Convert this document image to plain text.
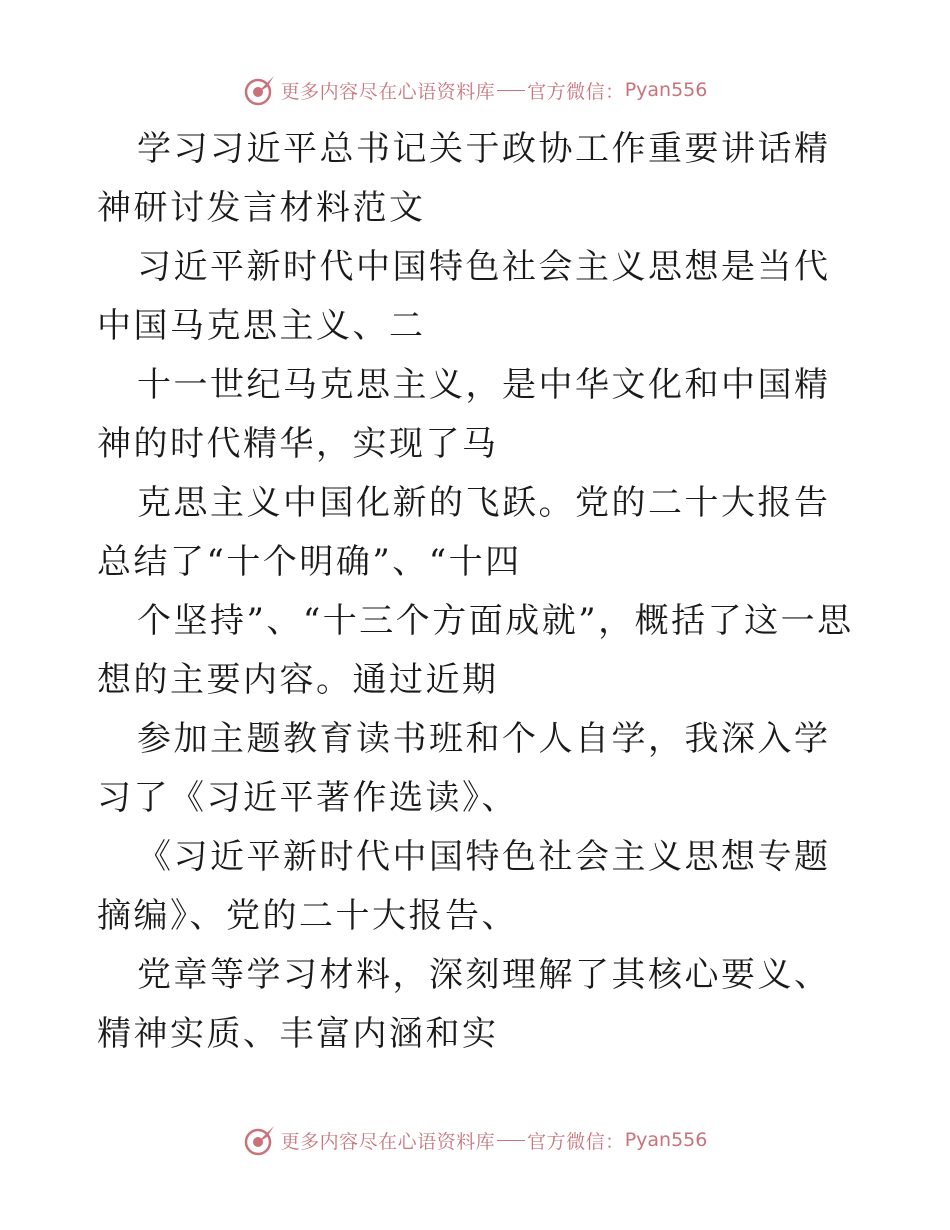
更多内容尽在心语资料库 官方微信： Pyan556

学习习近平总书记关于政协工作重要讲话精神研讨发言材料范文

习近平新时代中国特色社会主义思想是当代中国马克思主义、二

十一世纪马克思主义，是中华文化和中国精神的时代精华，实现了马

克思主义中国化新的飞跃。党的二十大报告总结了“十个明确”、“十四

个坚持”、“十三个方面成就”，概括了这一思想的主要内容。通过近期

参加主题教育读书班和个人自学，我深入学习了《习近平著作选读》、

《习近平新时代中国特色社会主义思想专题摘编》、党的二十大报告、

党章等学习材料，深刻理解了其核心要义、精神实质、丰富内涵和实

更多内容尽在心语资料库 官方微信： Pyan556
